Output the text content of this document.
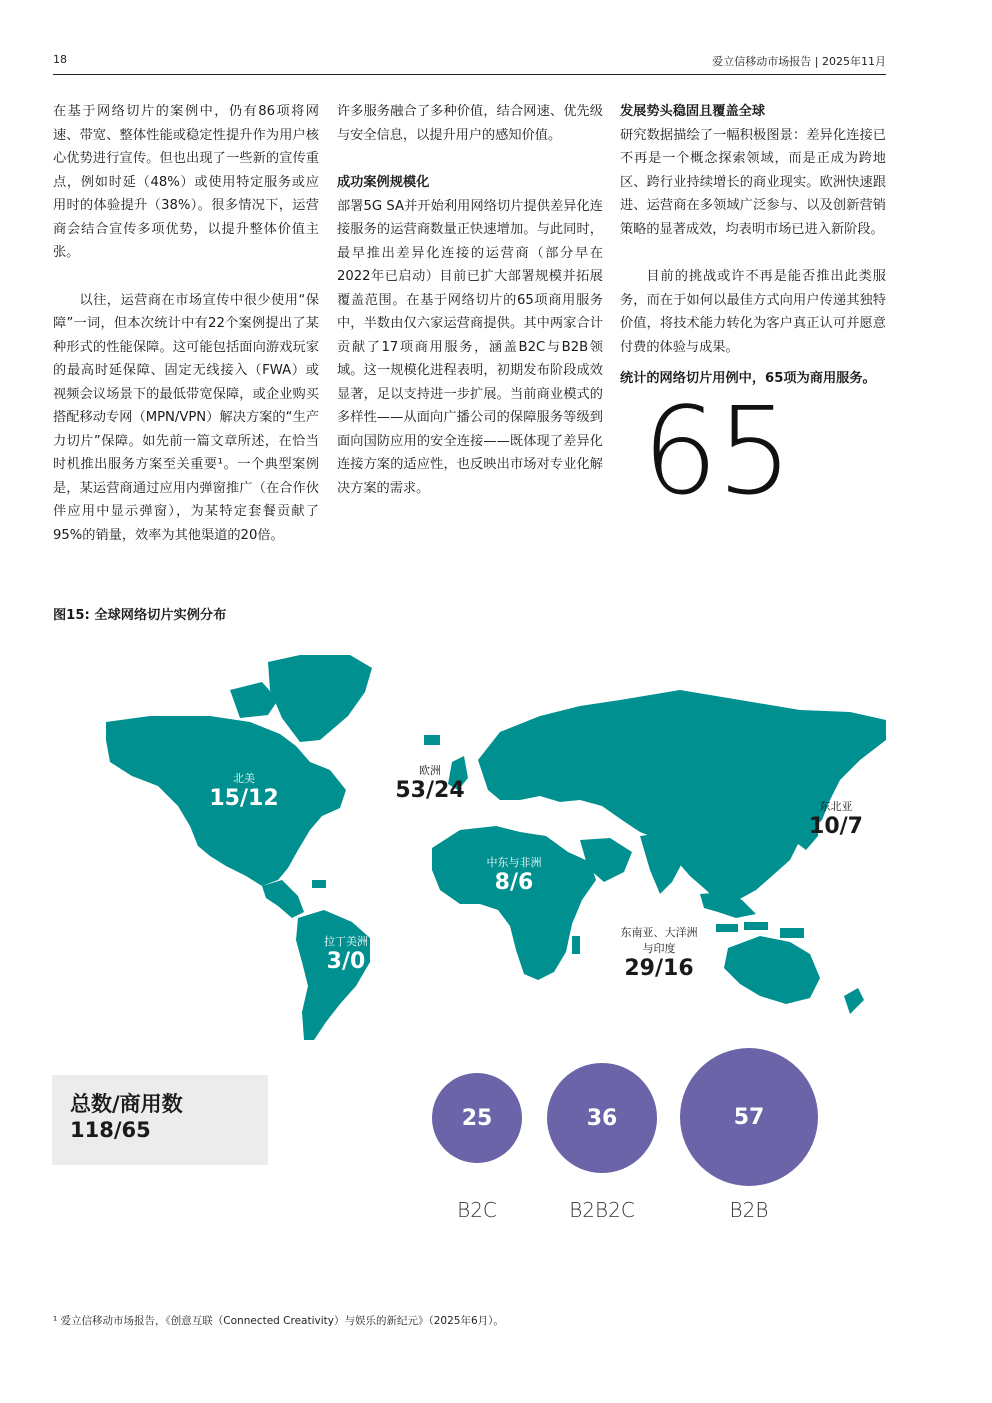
18	爱立信移动市场报告 | 2025年11月

在基于网络切片的案例中，仍有86项将网速、带宽、整体性能或稳定性提升作为用户核心优势进行宣传。但也出现了一些新的宣传重点，例如时延（48%）或使用特定服务或应用时的体验提升（38%）。很多情况下，运营商会结合宣传多项优势，以提升整体价值主张。

以往，运营商在市场宣传中很少使用“保障”一词，但本次统计中有22个案例提出了某种形式的性能保障。这可能包括面向游戏玩家的最高时延保障、固定无线接入（FWA）或视频会议场景下的最低带宽保障，或企业购买搭配移动专网（MPN/VPN）解决方案的“生产力切片”保障。如先前一篇文章所述，在恰当时机推出服务方案至关重要¹。一个典型案例是，某运营商通过应用内弹窗推广（在合作伙伴应用中显示弹窗），为某特定套餐贡献了95%的销量，效率为其他渠道的20倍。

许多服务融合了多种价值，结合网速、优先级与安全信息，以提升用户的感知价值。

成功案例规模化

部署5G SA并开始利用网络切片提供差异化连接服务的运营商数量正快速增加。与此同时，最早推出差异化连接的运营商（部分早在2022年已启动）目前已扩大部署规模并拓展覆盖范围。在基于网络切片的65项商用服务中，半数由仅六家运营商提供。其中两家合计贡献了17项商用服务，涵盖B2C与B2B领域。这一规模化进程表明，初期发布阶段成效显著，足以支持进一步扩展。当前商业模式的多样性——从面向广播公司的保障服务等级到面向国防应用的安全连接——既体现了差异化连接方案的适应性，也反映出市场对专业化解决方案的需求。

发展势头稳固且覆盖全球

研究数据描绘了一幅积极图景：差异化连接已不再是一个概念探索领域，而是正成为跨地区、跨行业持续增长的商业现实。欧洲快速跟进、运营商在多领域广泛参与、以及创新营销策略的显著成效，均表明市场已进入新阶段。

目前的挑战或许不再是能否推出此类服务，而在于如何以最佳方式向用户传递其独特价值，将技术能力转化为客户真正认可并愿意付费的体验与成果。

统计的网络切片用例中，65项为商用服务。

65
图15: 全球网络切片实例分布
北美
15/12
欧洲
53/24
中东与非洲
8/6
拉丁美洲
3/0
东北亚
10/7
东南亚、大洋洲
与印度
29/16
总数/商用数
118/65	25	36	57
B2C	B2B2C	B2B
¹ 爱立信移动市场报告，《创意互联（Connected Creativity）与娱乐的新纪元》（2025年6月）。
